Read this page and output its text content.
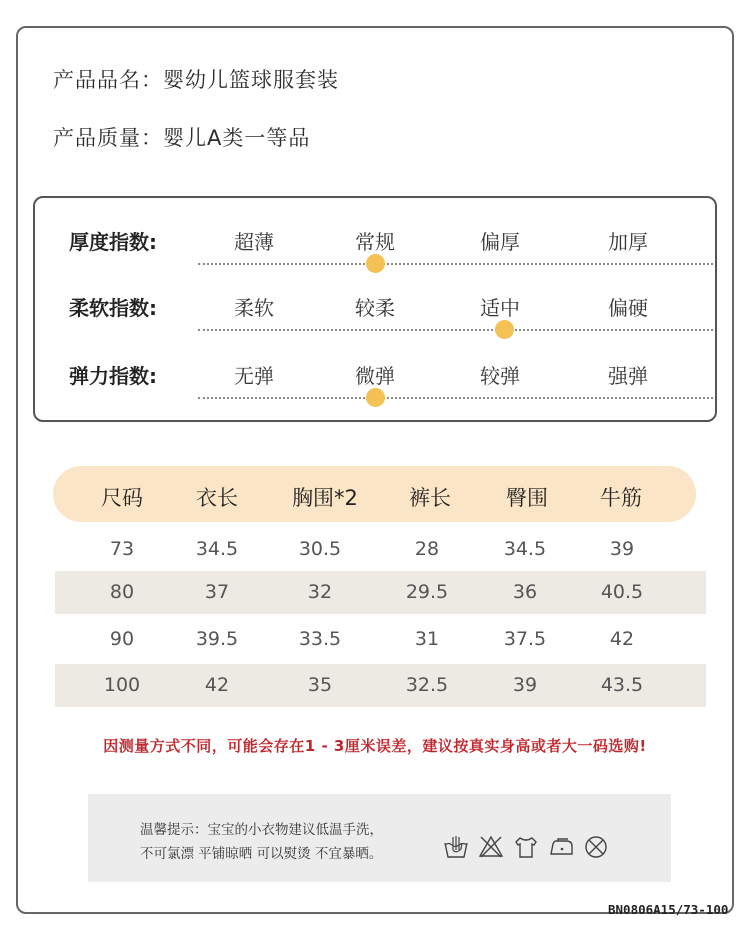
产品品名：婴幼儿篮球服套装
产品质量：婴儿A类一等品
厚度指数:	超薄	常规	偏厚	加厚
柔软指数:	柔软	较柔	适中	偏硬
弹力指数:	无弹	微弹	较弹	强弹
尺码	衣长	胸围*2	裤长	臀围	牛筋
73	34.5	30.5	28	34.5	39
80	37	32	29.5	36	40.5
90	39.5	33.5	31	37.5	42
100	42	35	32.5	39	43.5
因测量方式不同，可能会存在1 - 3厘米误差，建议按真实身高或者大一码选购!
温馨提示：宝宝的小衣物建议低温手洗，
不可氯漂 平铺晾晒 可以熨烫 不宜暴晒。
BN0806A15/73-100
